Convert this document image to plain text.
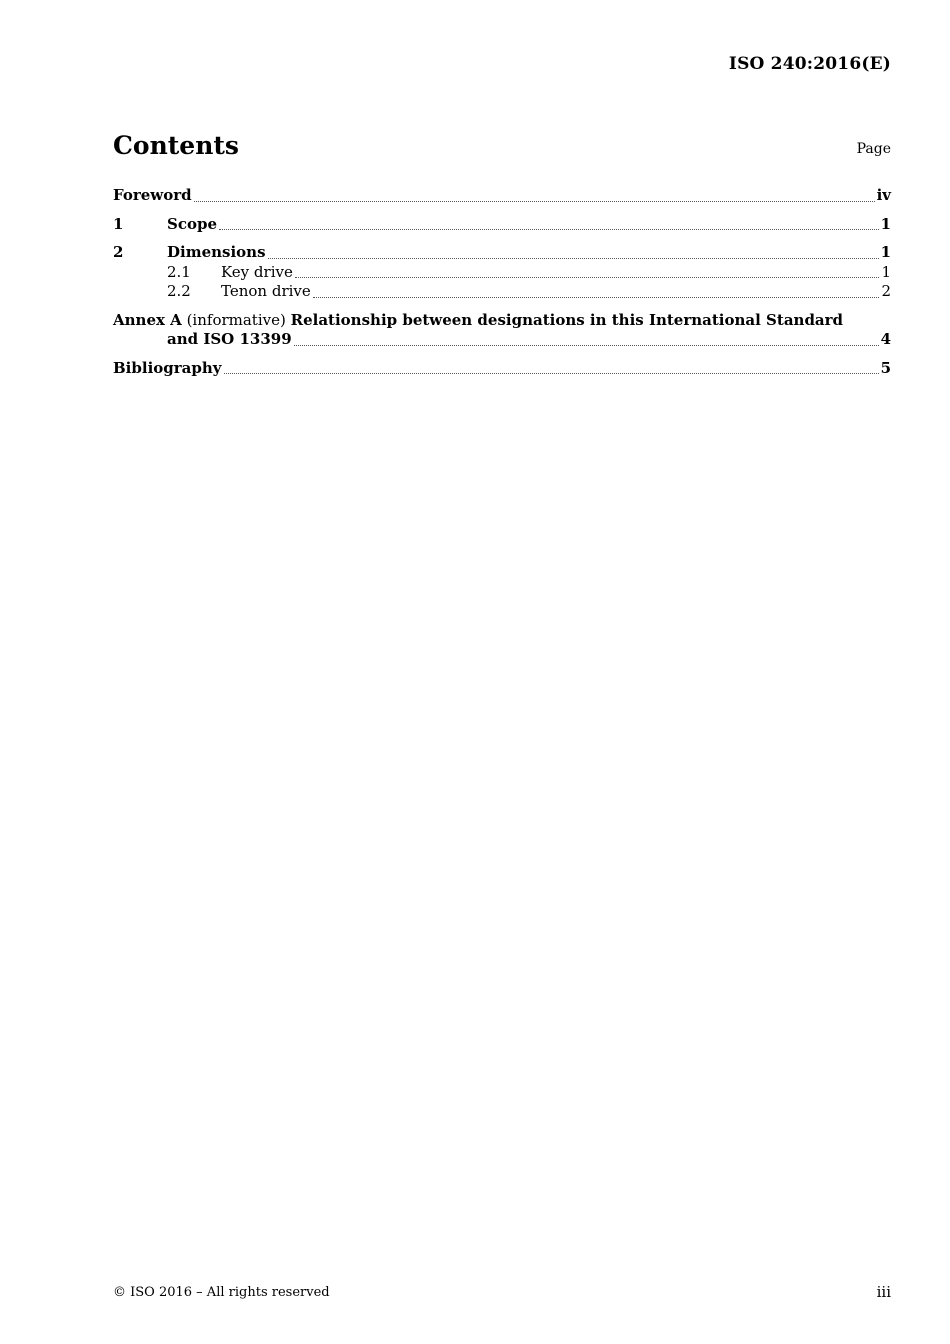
ISO 240:2016(E)
Contents	Page
Foreword	iv
1	Scope	1
2	Dimensions	1
2.1	Key drive	1
2.2	Tenon drive	2
Annex A (informative) Relationship between designations in this International Standard
and ISO 13399	4
Bibliography	5
© ISO 2016 – All rights reserved	iii
